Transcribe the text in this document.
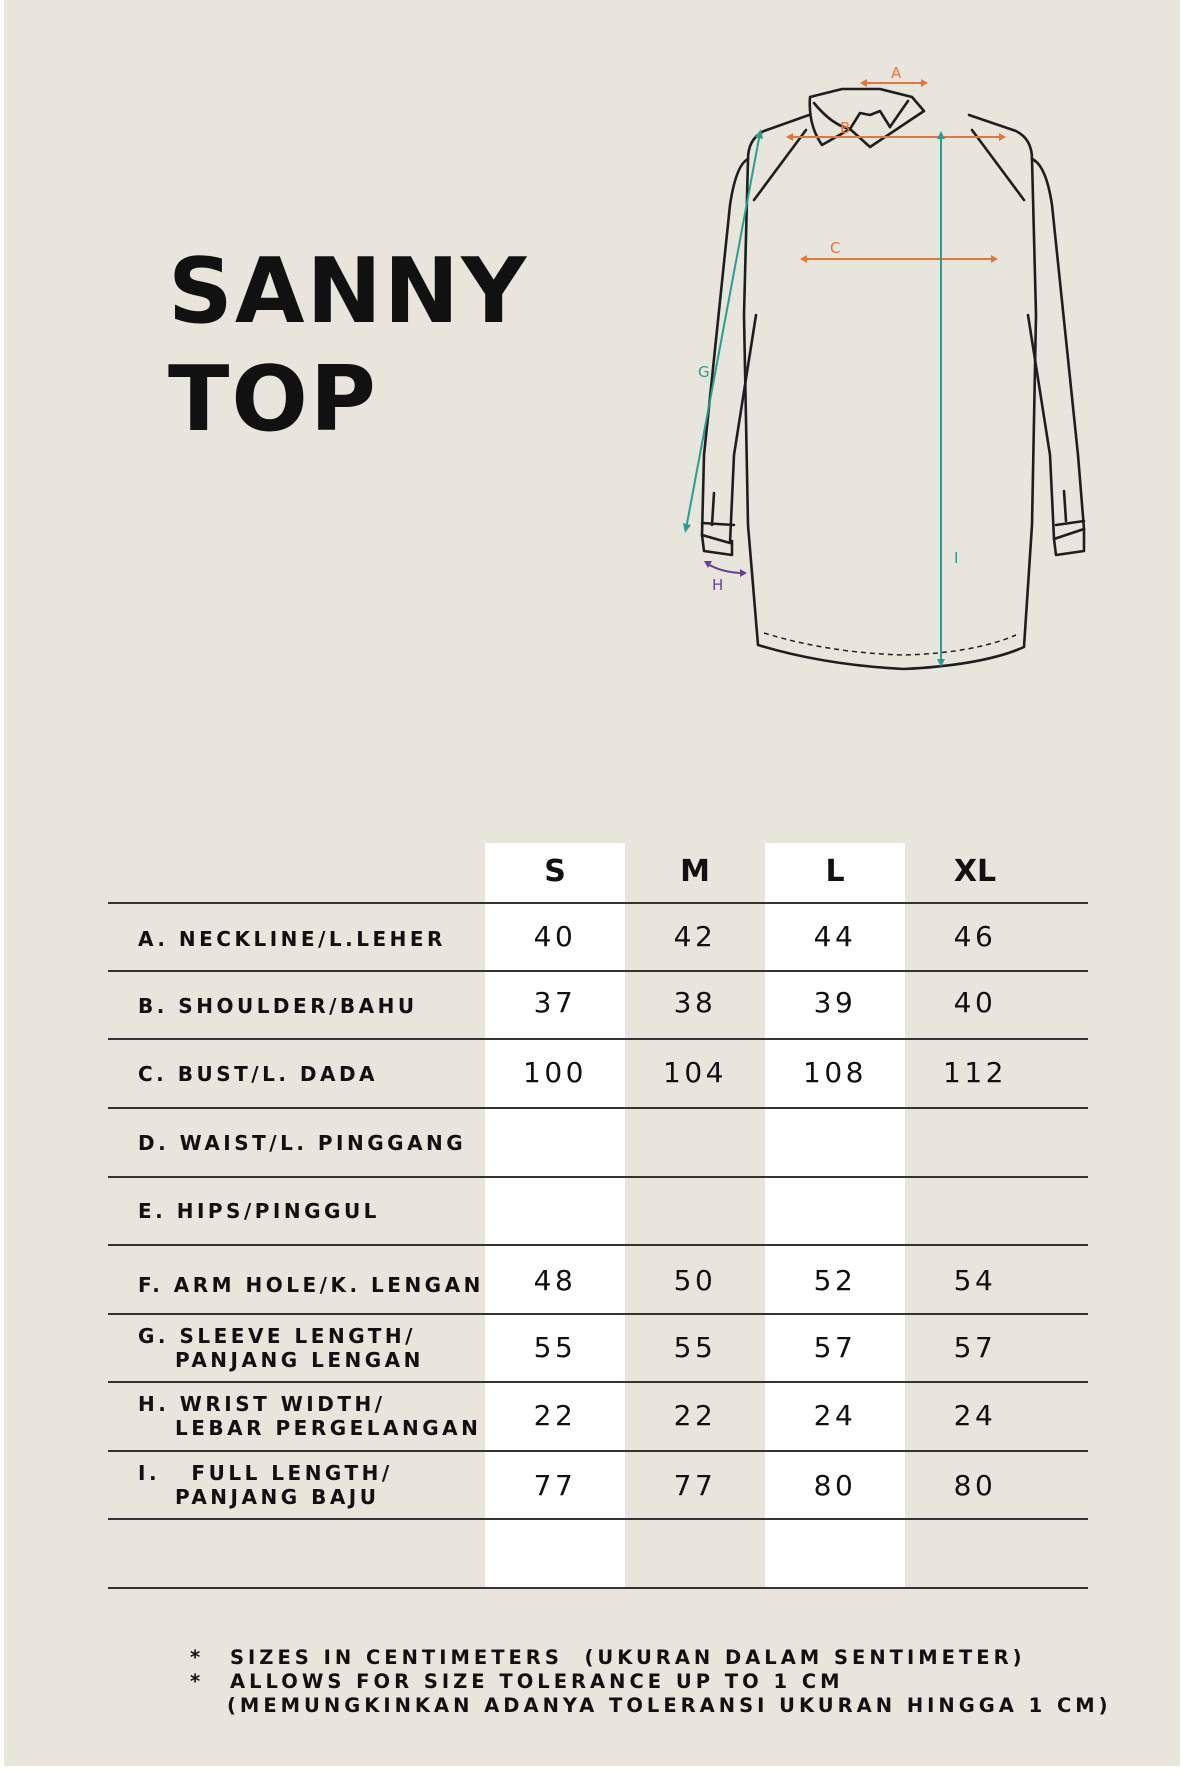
SANNY
TOP
A
B
C
G
I
H
S	M	L	XL
A. NECKLINE/L.LEHER	40	42	44	46
B. SHOULDER/BAHU	37	38	39	40
C. BUST/L. DADA	100	104	108	112
D. WAIST/L. PINGGANG
E. HIPS/PINGGUL
F. ARM HOLE/K. LENGAN	48	50	52	54
G. SLEEVE LENGTH/
PANJANG LENGAN	55	55	57	57
H. WRIST WIDTH/
LEBAR PERGELANGAN	22	22	24	24
I.   FULL LENGTH/
PANJANG BAJU	77	77	80	80
* SIZES IN CENTIMETERS  (UKURAN DALAM SENTIMETER)
* ALLOWS FOR SIZE TOLERANCE UP TO 1 CM
(MEMUNGKINKAN ADANYA TOLERANSI UKURAN HINGGA 1 CM)
